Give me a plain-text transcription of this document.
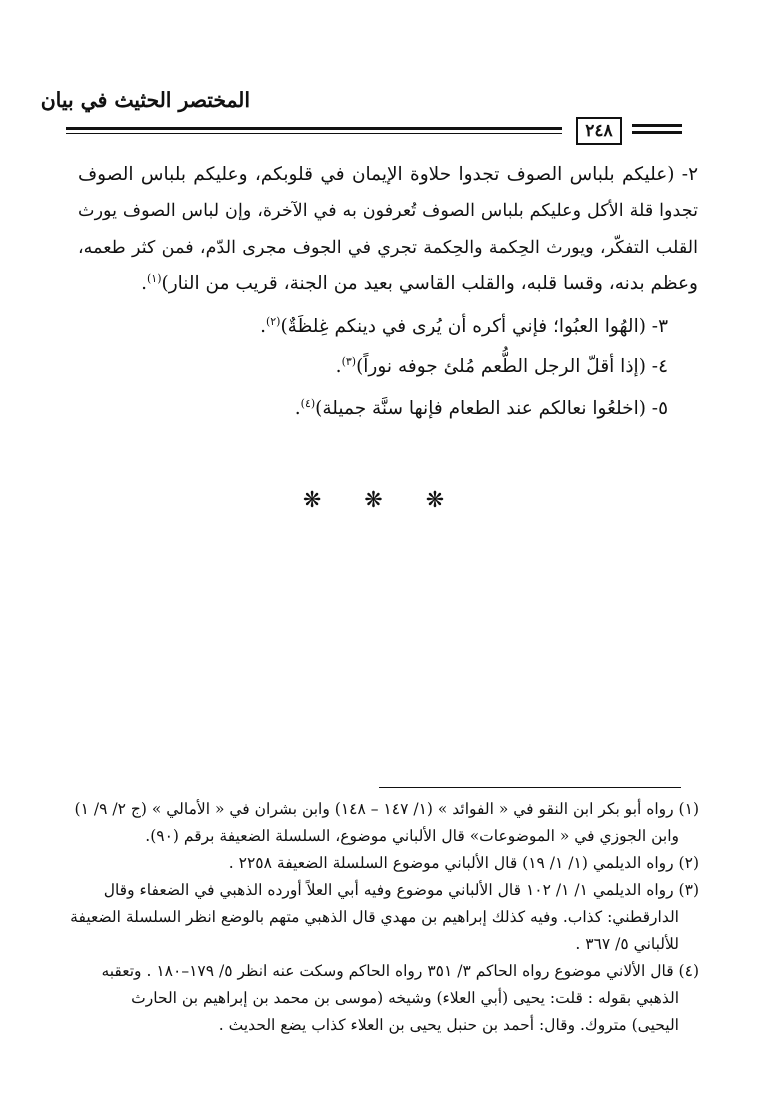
المختصر الحثيث في بيان
٢٤٨
٢- (عليكم بلباس الصوف تجدوا حلاوة الإيمان في قلوبكم، وعليكم بلباس الصوف
تجدوا قلة الأكل وعليكم بلباس الصوف تُعرفون به في الآخرة، وإن لباس الصوف يورث
القلب التفكّر، ويورث الحِكمة والحِكمة تجري في الجوف مجرى الدّم، فمن كثر طعمه،
وعظم بدنه، وقسا قلبه، والقلب القاسي بعيد من الجنة، قريب من النار)$^{(١)}$.
٣- (الهُوا العبُوا؛ فإني أكره أن يُرى في دينكم غِلظَةٌ)$^{(٢)}$.
٤- (إذا أقلّ الرجل الطُّعم مُلئ جوفه نوراً)$^{(٣)}$.
٥- (اخلعُوا نعالكم عند الطعام فإنها سنَّة جميلة)$^{(٤)}$.
❋ ❋ ❋
(١) رواه أبو بكر ابن النقو في « الفوائد » (١/ ١٤٧ – ١٤٨) وابن بشران في « الأمالي » (ج ٢/ ٩/ ١)
وابن الجوزي في « الموضوعات» قال الألباني موضوع، السلسلة الضعيفة برقم (٩٠).
(٢) رواه الديلمي (١/ ١/ ١٩) قال الألباني موضوع السلسلة الضعيفة ٢٢٥٨ .
(٣) رواه الديلمي ١/ ١/ ١٠٢ قال الألباني موضوع وفيه أبي العلاً أورده الذهبي في الضعفاء وقال
الدارقطني: كذاب. وفيه كذلك إبراهيم بن مهدي قال الذهبي متهم بالوضع انظر السلسلة الضعيفة
للألباني ٥/ ٣٦٧ .
(٤) قال الألاني موضوع رواه الحاكم ٣/ ٣٥١ رواه الحاكم وسكت عنه انظر ٥/ ١٧٩–١٨٠ . وتعقبه
الذهبي بقوله : قلت: يحيى (أبي العلاء) وشيخه (موسى بن محمد بن إبراهيم بن الحارث
اليحيى) متروك. وقال: أحمد بن حنبل يحيى بن العلاء كذاب يضع الحديث .
